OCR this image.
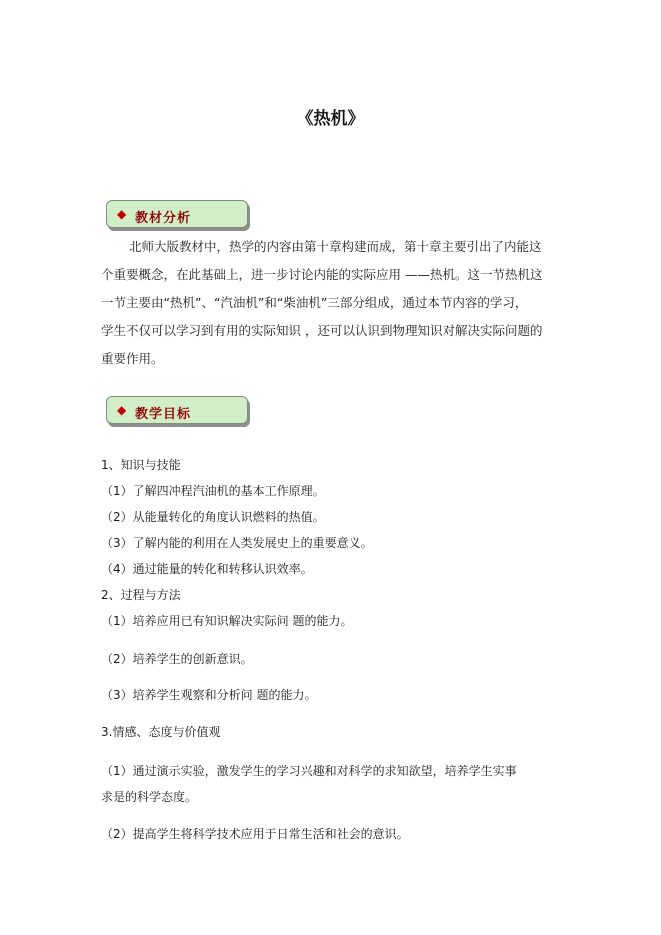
《热机》
◆ 教材分析
北师大版教材中，热学的内容由第十章构建而成，第十章主要引出了内能这
个重要概念，在此基础上，进一步讨论内能的实际应用 ——热机。这一节热机这
一节主要由“热机”、“汽油机”和“柴油机”三部分组成，通过本节内容的学习，
学生不仅可以学习到有用的实际知识 ，还可以认识到物理知识对解决实际问题的
重要作用。
◆ 教学目标
1、知识与技能
（1）了解四冲程汽油机的基本工作原理。
（2）从能量转化的角度认识燃料的热值。
（3）了解内能的利用在人类发展史上的重要意义。
（4）通过能量的转化和转移认识效率。
2、过程与方法
（1）培养应用已有知识解决实际问 题的能力。
（2）培养学生的创新意识。
（3）培养学生观察和分析问 题的能力。
3.情感、态度与价值观
（1）通过演示实验，激发学生的学习兴趣和对科学的求知欲望，培养学生实事
求是的科学态度。
（2）提高学生将科学技术应用于日常生活和社会的意识。
